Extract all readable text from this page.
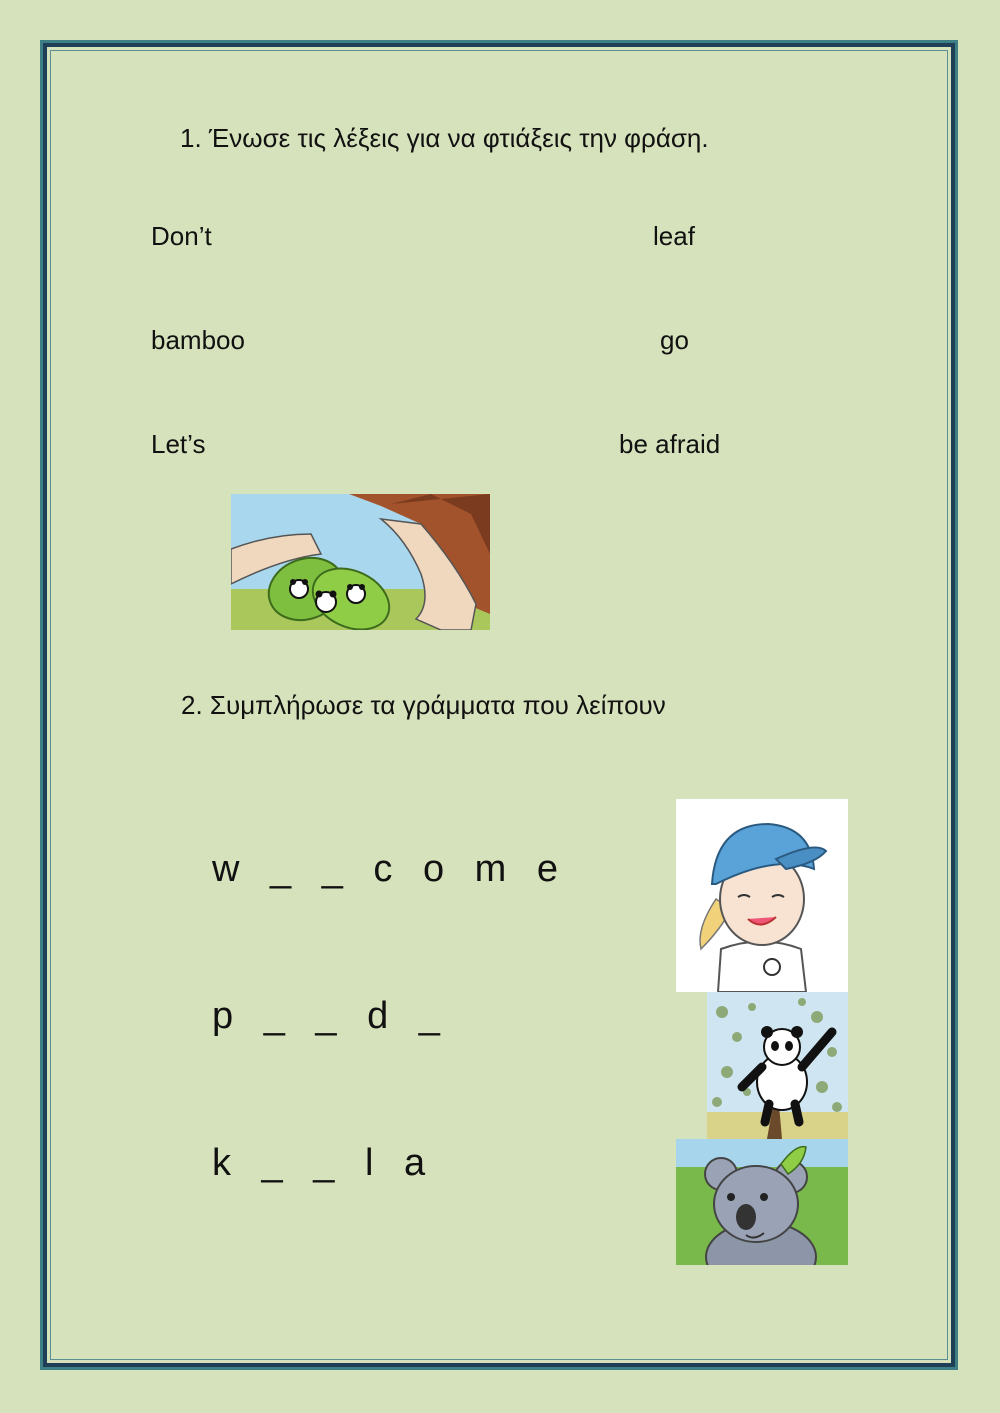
1. Ένωσε τις λέξεις για να φτιάξεις την φράση.
Don’t
bamboo
Let’s
leaf
go
be afraid
2. Συμπλήρωσε τα γράμματα που λείπουν
w _ _ c o m e
p _ _ d _
k _ _ l a
